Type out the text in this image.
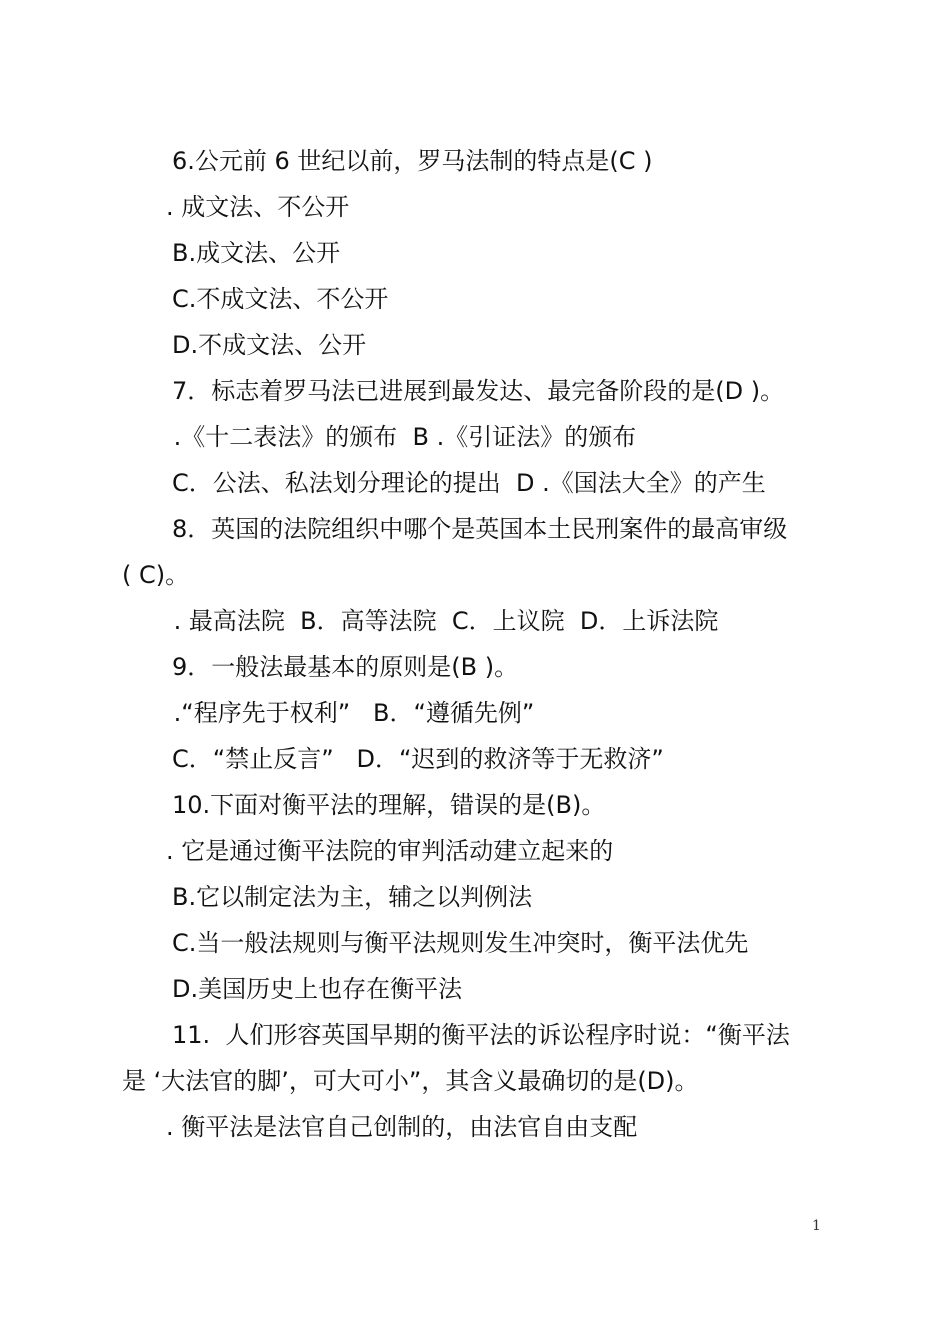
6.公元前 6 世纪以前，罗马法制的特点是(C )
. 成文法、不公开
B.成文法、公开
C.不成文法、不公开
D.不成文法、公开
7．标志着罗马法已进展到最发达、最完备阶段的是(D )。
.《十二表法》的颁布  B .《引证法》的颁布
C．公法、私法划分理论的提出  D .《国法大全》的产生
8．英国的法院组织中哪个是英国本土民刑案件的最高审级
( C)。
. 最高法院  B．高等法院  C．上议院  D．上诉法院
9．一般法最基本的原则是(B )。
.“程序先于权利”   B．“遵循先例”
C．“禁止反言”   D．“迟到的救济等于无救济”
10.下面对衡平法的理解，错误的是(B)。
. 它是通过衡平法院的审判活动建立起来的
B.它以制定法为主，辅之以判例法
C.当一般法规则与衡平法规则发生冲突时，衡平法优先
D.美国历史上也存在衡平法
11.  人们形容英国早期的衡平法的诉讼程序时说：“衡平法
是 ‘大法官的脚’，可大可小”，其含义最确切的是(D)。
. 衡平法是法官自己创制的，由法官自由支配
1
